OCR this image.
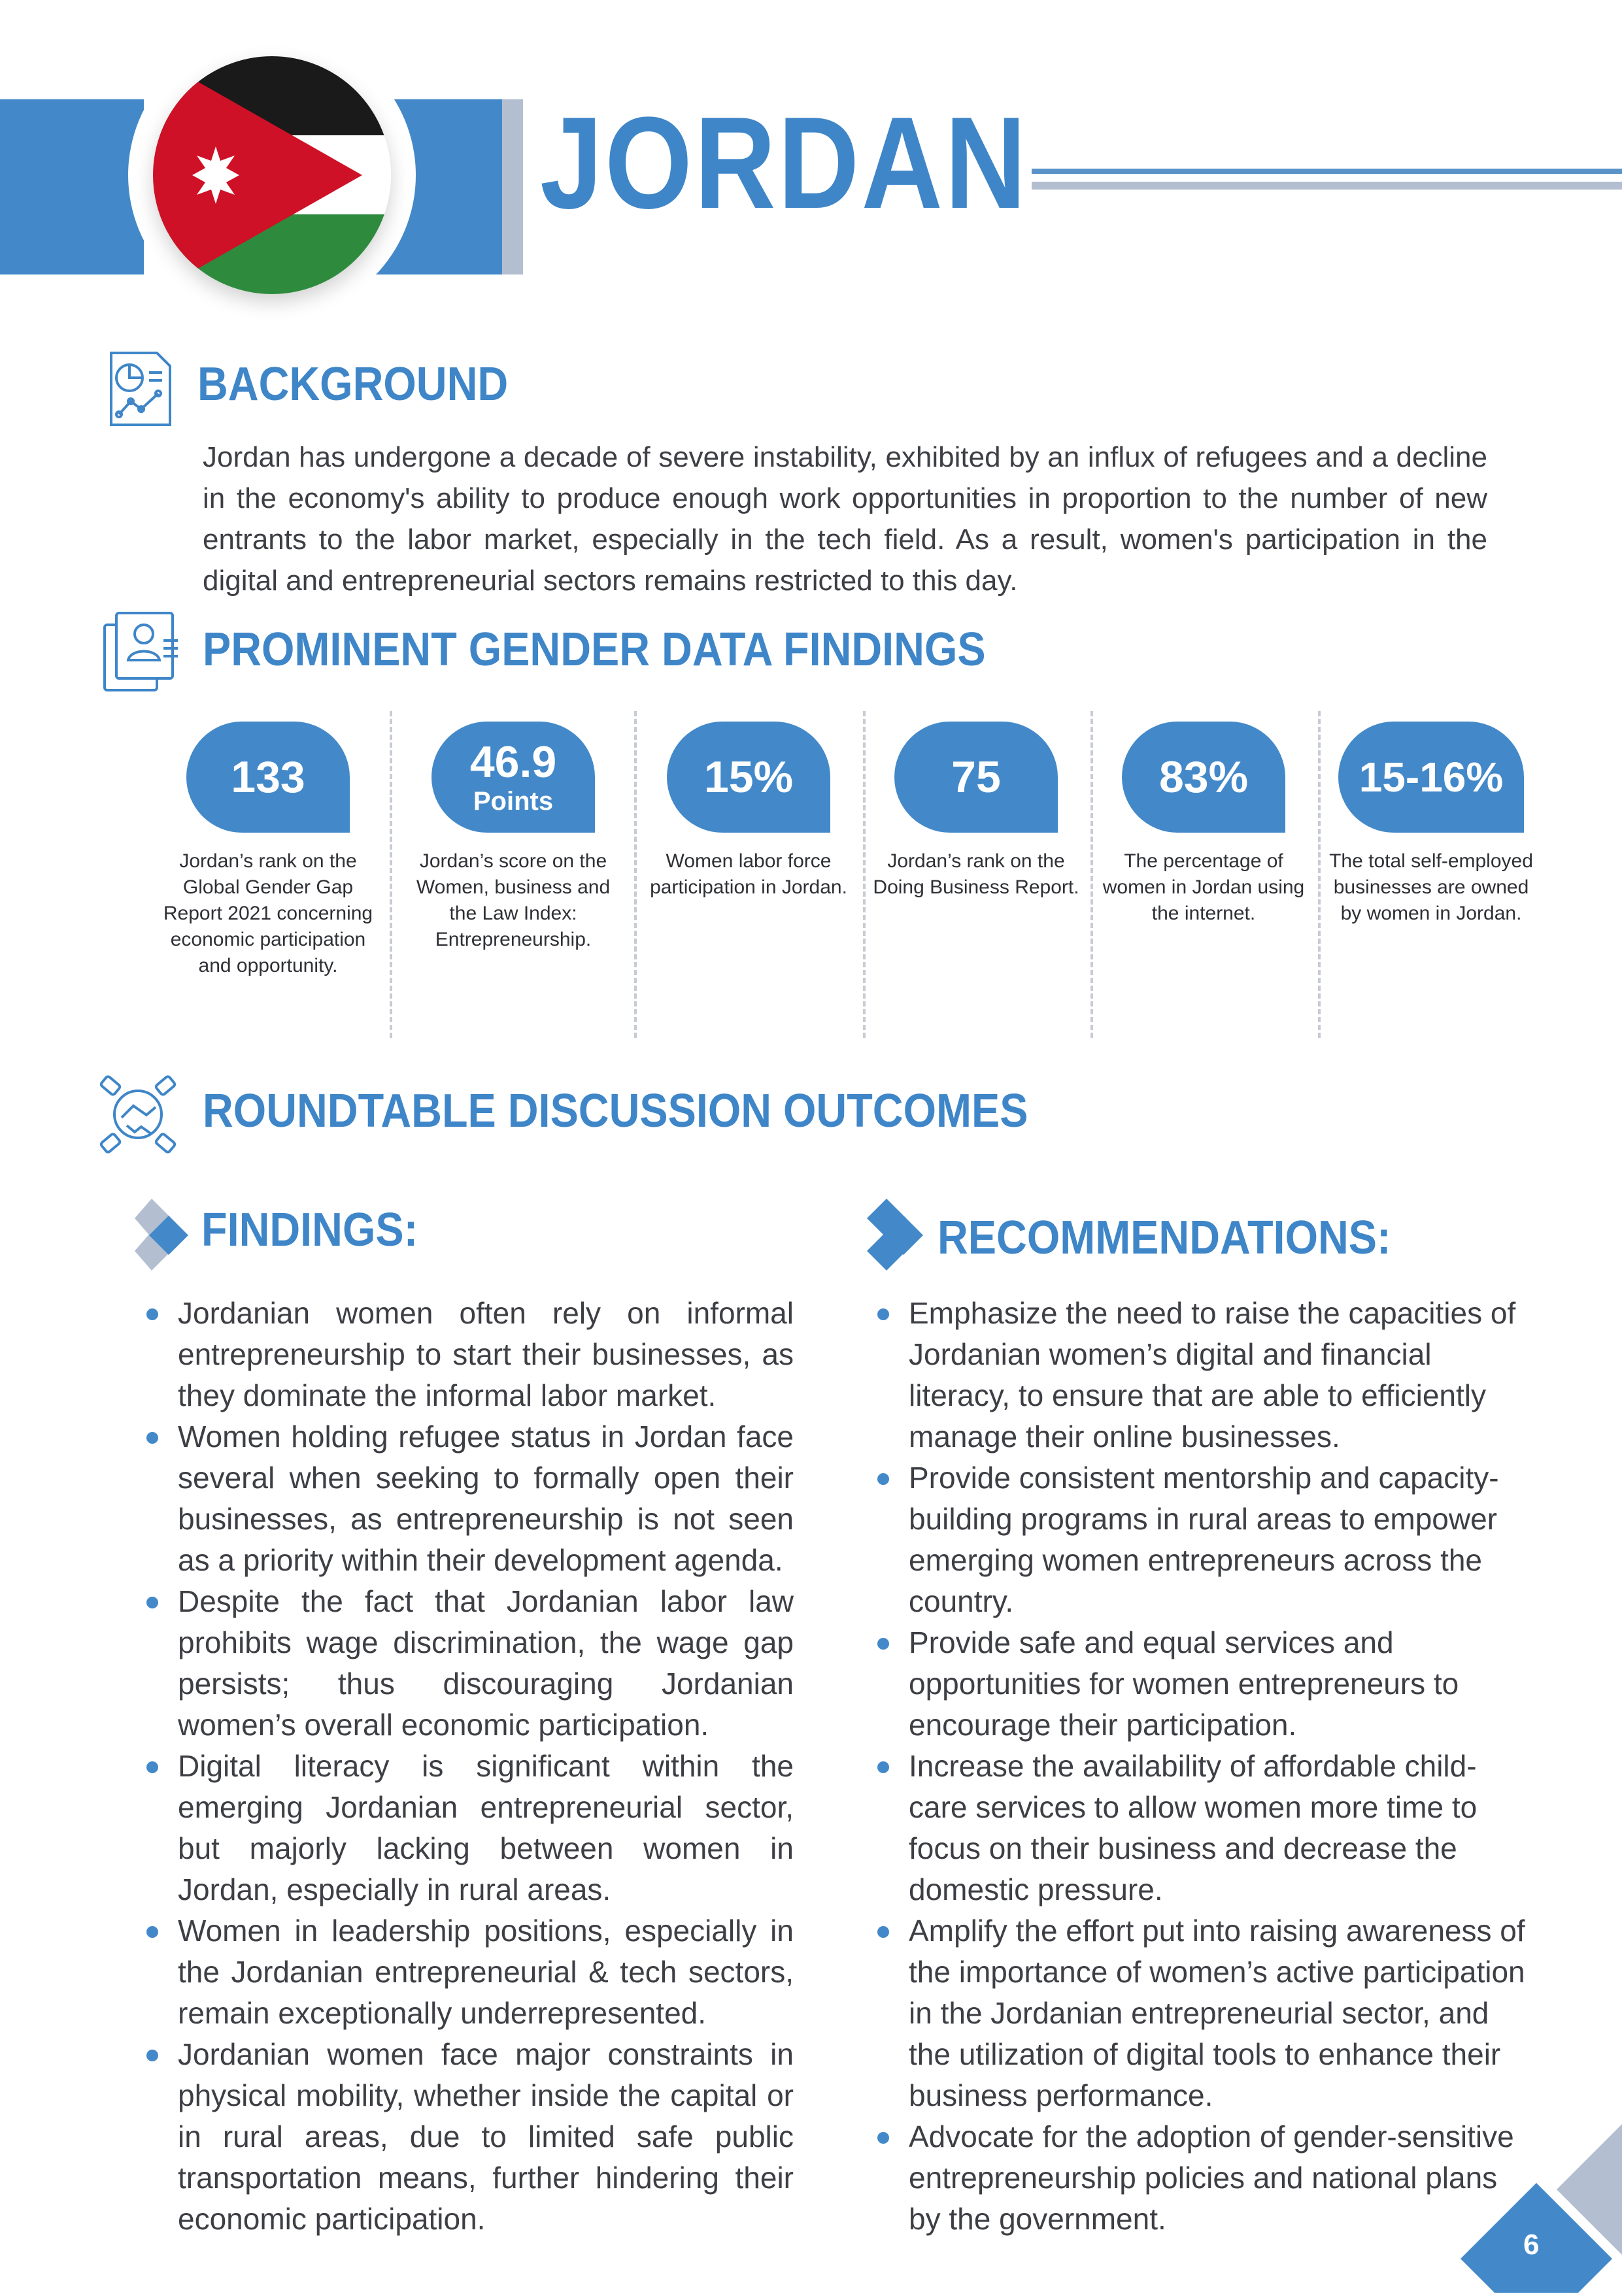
JORDAN
BACKGROUND
Jordan has undergone a decade of severe instability, exhibited by an influx of refugees and a decline in the economy's ability to produce enough work opportunities in proportion to the number of new entrants to the labor market, especially in the tech field. As a result, women's participation in the digital and entrepreneurial sectors remains restricted to this day.
PROMINENT GENDER DATA FINDINGS
133
Jordan’s rank on the Global Gender Gap Report 2021 concerning economic participation and opportunity.
46.9
Points
Jordan’s score on the Women, business and the Law Index: Entrepreneurship.
15%
Women labor force participation in Jordan.
75
Jordan’s rank on the Doing Business Report.
83%
The percentage of women in Jordan using the internet.
15-16%
The total self-employed businesses are owned by women in Jordan.
ROUNDTABLE DISCUSSION OUTCOMES
FINDINGS:	RECOMMENDATIONS:
Jordanian women often rely on informal entrepreneurship to start their businesses, as they dominate the informal labor market.
Women holding refugee status in Jordan face several when seeking to formally open their businesses, as entrepreneurship is not seen as a priority within their development agenda.
Despite the fact that Jordanian labor law prohibits wage discrimination, the wage gap persists; thus discouraging Jordanian women’s overall economic participation.
Digital literacy is significant within the emerging Jordanian entrepreneurial sector, but majorly lacking between women in Jordan, especially in rural areas.
Women in leadership positions, especially in the Jordanian entrepreneurial & tech sectors, remain exceptionally underrepresented.
Jordanian women face major constraints in physical mobility, whether inside the capital or in rural areas, due to limited safe public transportation means, further hindering their economic participation.
Emphasize the need to raise the capacities of Jordanian women’s digital and financial literacy, to ensure that are able to efficiently manage their online businesses.
Provide consistent mentorship and capacity-building programs in rural areas to empower emerging women entrepreneurs across the country.
Provide safe and equal services and opportunities for women entrepreneurs to encourage their participation.
Increase the availability of affordable child-care services to allow women more time to focus on their business and decrease the domestic pressure.
Amplify the effort put into raising awareness of the importance of women’s active participation in the Jordanian entrepreneurial sector, and the utilization of digital tools to enhance their business performance.
Advocate for the adoption of gender-sensitive entrepreneurship policies and national plans by the government.
6
